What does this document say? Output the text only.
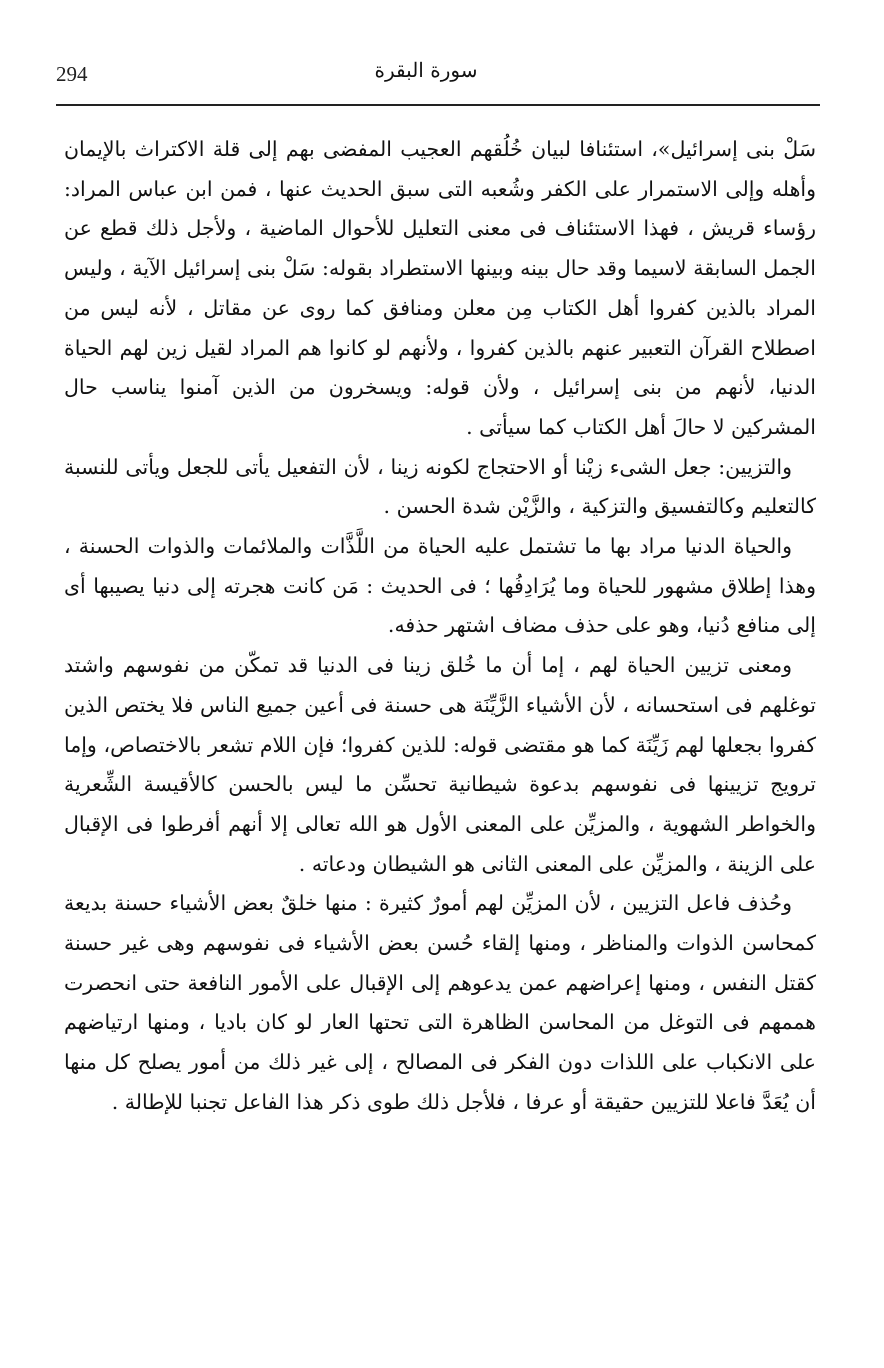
294	سورة البقرة

سَلْ بنى إسرائيل»، استئنافا لبيان خُلُقهم العجيب المفضى بهم إلى قلة الاكتراث بالإيمان وأهله وإلى الاستمرار على الكفر وشُعبه التى سبق الحديث عنها ، فمن ابن عباس المراد: رؤساء قريش ، فهذا الاستئناف فى معنى التعليل للأحوال الماضية ، ولأجل ذلك قطع عن الجمل السابقة لاسيما وقد حال بينه وبينها الاستطراد بقوله: سَلْ بنى إسرائيل الآية ، وليس المراد بالذين كفروا أهل الكتاب مِن معلن ومنافق كما روى عن مقاتل ، لأنه ليس من اصطلاح القرآن التعبير عنهم بالذين كفروا ، ولأنهم لو كانوا هم المراد لقيل زين لهم الحياة الدنيا، لأنهم من بنى إسرائيل ، ولأن قوله: ويسخرون من الذين آمنوا يناسب حال المشركين لا حالَ أهل الكتاب كما سيأتى .

والتزيين: جعل الشىء زيْنا أو الاحتجاج لكونه زينا ، لأن التفعيل يأتى للجعل ويأتى للنسبة كالتعليم وكالتفسيق والتزكية ، والزَّيْن شدة الحسن .

والحياة الدنيا مراد بها ما تشتمل عليه الحياة من اللَّذَّات والملائمات والذوات الحسنة ، وهذا إطلاق مشهور للحياة وما يُرَادِفُها ؛ فى الحديث : مَن كانت هجرته إلى دنيا يصيبها أى إلى منافع دُنيا، وهو على حذف مضاف اشتهر حذفه.

ومعنى تزيين الحياة لهم ، إما أن ما خُلق زينا فى الدنيا قد تمكّن من نفوسهم واشتد توغلهم فى استحسانه ، لأن الأشياء الزَّيِّنَة هى حسنة فى أعين جميع الناس فلا يختص الذين كفروا بجعلها لهم زَيِّنَة كما هو مقتضى قوله: للذين كفروا؛ فإن اللام تشعر بالاختصاص، وإما ترويج تزيينها فى نفوسهم بدعوة شيطانية تحسِّن ما ليس بالحسن كالأقيسة الشِّعرية والخواطر الشهوية ، والمزيِّن على المعنى الأول هو الله تعالى إلا أنهم أفرطوا فى الإقبال على الزينة ، والمزيِّن على المعنى الثانى هو الشيطان ودعاته .

وحُذف فاعل التزيين ، لأن المزيِّن لهم أمورٌ كثيرة : منها خلقٌ بعض الأشياء حسنة بديعة كمحاسن الذوات والمناظر ، ومنها إلقاء حُسن بعض الأشياء فى نفوسهم وهى غير حسنة كقتل النفس ، ومنها إعراضهم عمن يدعوهم إلى الإقبال على الأمور النافعة حتى انحصرت هممهم فى التوغل من المحاسن الظاهرة التى تحتها العار لو كان باديا ، ومنها ارتياضهم على الانكباب على اللذات دون الفكر فى المصالح ، إلى غير ذلك من أمور يصلح كل منها أن يُعَدَّ فاعلا للتزيين حقيقة أو عرفا ، فلأجل ذلك طوى ذكر هذا الفاعل تجنبا للإطالة .
